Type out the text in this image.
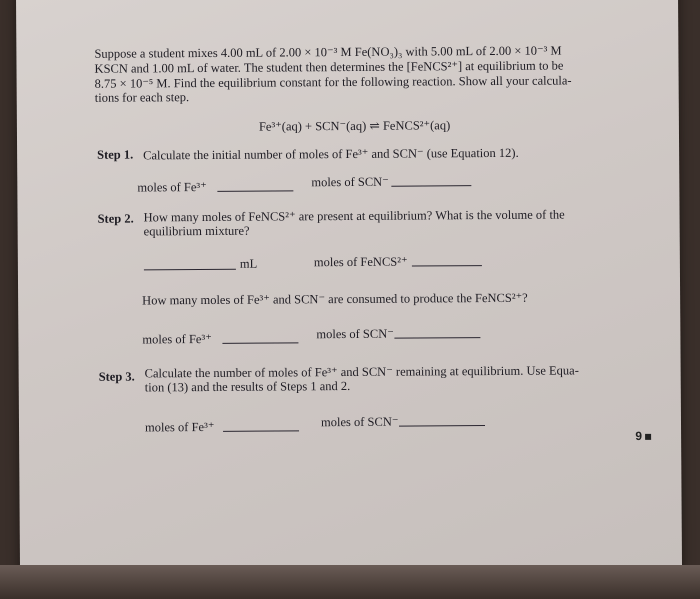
Suppose a student mixes 4.00 mL of 2.00 × 10⁻³ M Fe(NO₃)₃ with 5.00 mL of 2.00 × 10⁻³ M
KSCN and 1.00 mL of water. The student then determines the [FeNCS²⁺] at equilibrium to be
8.75 × 10⁻⁵ M. Find the equilibrium constant for the following reaction. Show all your calcula-
tions for each step.
Fe³⁺(aq) + SCN⁻(aq) ⇌ FeNCS²⁺(aq)
Step 1. Calculate the initial number of moles of Fe³⁺ and SCN⁻ (use Equation 12).
moles of Fe³⁺	moles of SCN⁻
Step 2. How many moles of FeNCS²⁺ are present at equilibrium? What is the volume of the
equilibrium mixture?
mL	moles of FeNCS²⁺
How many moles of Fe³⁺ and SCN⁻ are consumed to produce the FeNCS²⁺?
moles of Fe³⁺	moles of SCN⁻
Step 3. Calculate the number of moles of Fe³⁺ and SCN⁻ remaining at equilibrium. Use Equa-
tion (13) and the results of Steps 1 and 2.
moles of Fe³⁺	moles of SCN⁻
9
